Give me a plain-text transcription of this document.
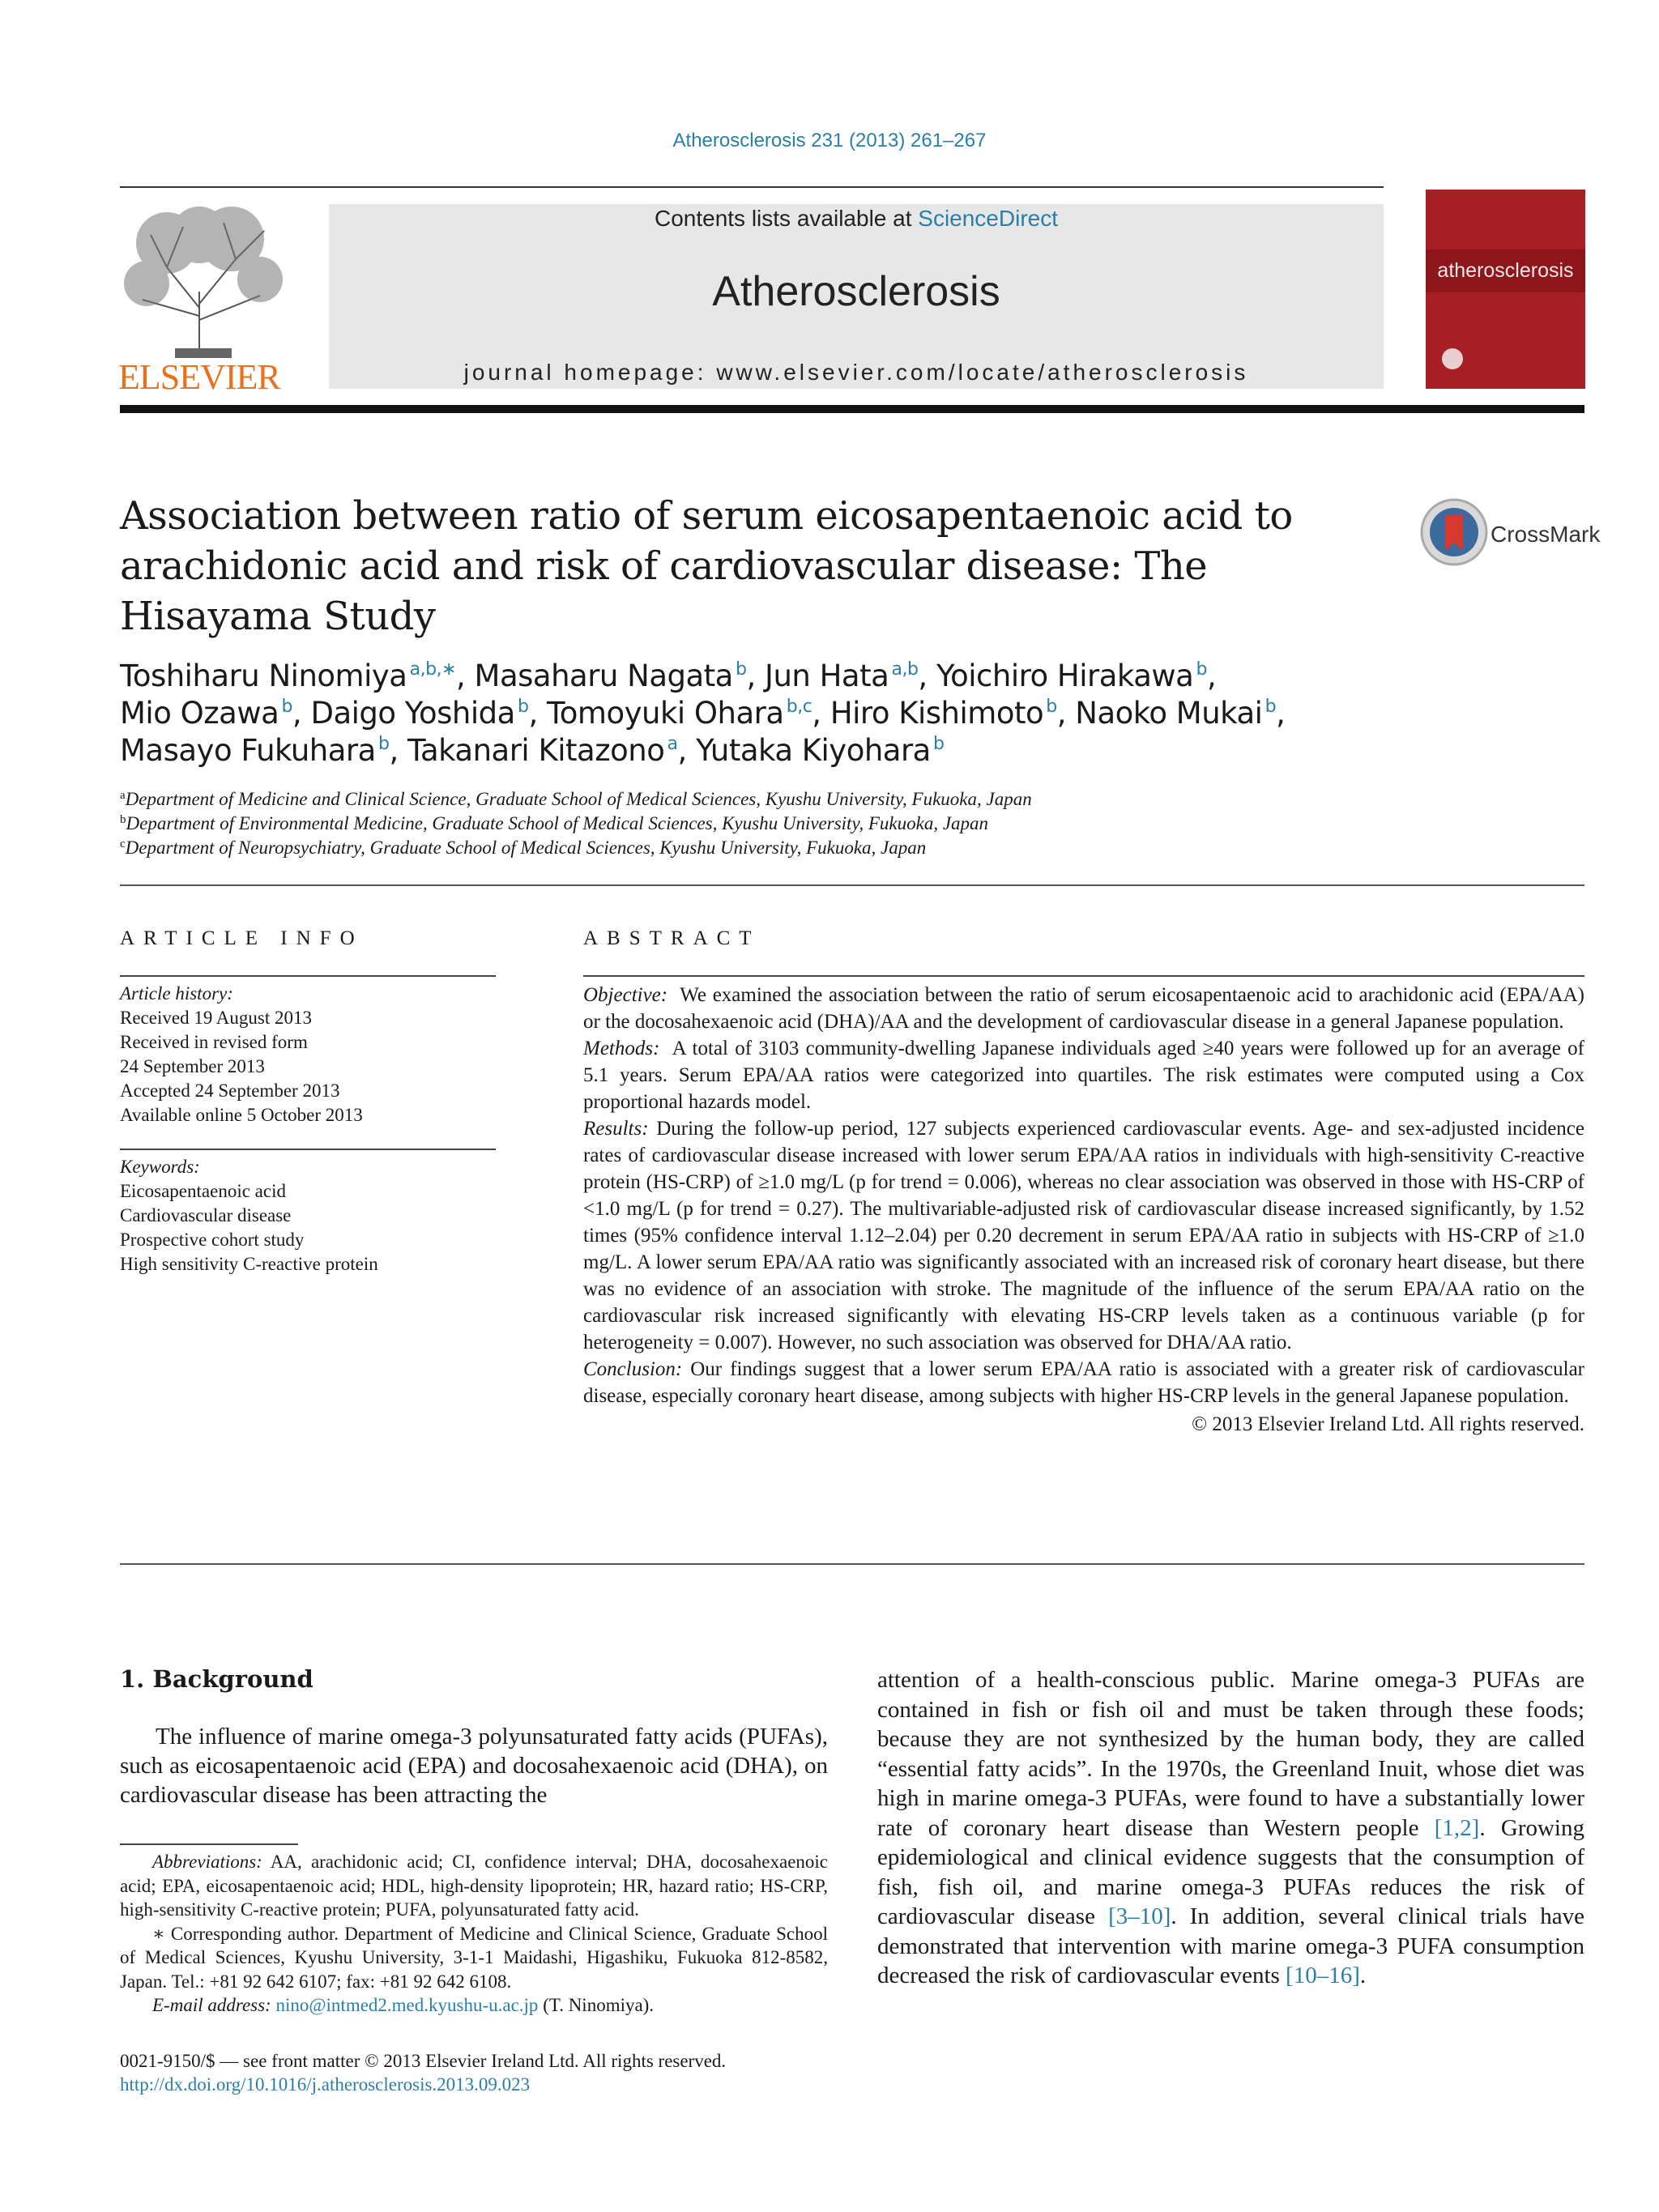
Atherosclerosis 231 (2013) 261–267
ELSEVIER
Contents lists available at ScienceDirect
Atherosclerosis
journal homepage: www.elsevier.com/locate/atherosclerosis
atherosclerosis
Association between ratio of serum eicosapentaenoic acid to arachidonic acid and risk of cardiovascular disease: The Hisayama Study
CrossMark
Toshiharu Ninomiya  $^{a,b,∗}$, Masaharu Nagata  $^b$, Jun Hata  $^{a,b}$, Yoichiro Hirakawa  $^b$,
Mio Ozawa  $^b$, Daigo Yoshida  $^b$, Tomoyuki Ohara  $^{b,c}$, Hiro Kishimoto  $^b$, Naoko Mukai  $^b$,
Masayo Fukuhara  $^b$, Takanari Kitazono  $^a$, Yutaka Kiyohara  $^b$
$^a$Department of Medicine and Clinical Science, Graduate School of Medical Sciences, Kyushu University, Fukuoka, Japan
$^b$Department of Environmental Medicine, Graduate School of Medical Sciences, Kyushu University, Fukuoka, Japan
$^c$Department of Neuropsychiatry, Graduate School of Medical Sciences, Kyushu University, Fukuoka, Japan
ARTICLE INFO
Article history:
Received 19 August 2013
Received in revised form
24 September 2013
Accepted 24 September 2013
Available online 5 October 2013
Keywords:
Eicosapentaenoic acid
Cardiovascular disease
Prospective cohort study
High sensitivity C-reactive protein
ABSTRACT

Objective: We examined the association between the ratio of serum eicosapentaenoic acid to arachidonic acid (EPA/AA) or the docosahexaenoic acid (DHA)/AA and the development of cardiovascular disease in a general Japanese population.

Methods: A total of 3103 community-dwelling Japanese individuals aged ≥40 years were followed up for an average of 5.1 years. Serum EPA/AA ratios were categorized into quartiles. The risk estimates were computed using a Cox proportional hazards model.

Results: During the follow-up period, 127 subjects experienced cardiovascular events. Age- and sex-adjusted incidence rates of cardiovascular disease increased with lower serum EPA/AA ratios in individuals with high-sensitivity C-reactive protein (HS-CRP) of ≥1.0 mg/L (p for trend = 0.006), whereas no clear association was observed in those with HS-CRP of <1.0 mg/L (p for trend = 0.27). The multivariable-adjusted risk of cardiovascular disease increased significantly, by 1.52 times (95% confidence interval 1.12–2.04) per 0.20 decrement in serum EPA/AA ratio in subjects with HS-CRP of ≥1.0 mg/L. A lower serum EPA/AA ratio was significantly associated with an increased risk of coronary heart disease, but there was no evidence of an association with stroke. The magnitude of the influence of the serum EPA/AA ratio on the cardiovascular risk increased significantly with elevating HS-CRP levels taken as a continuous variable (p for heterogeneity = 0.007). However, no such association was observed for DHA/AA ratio.

Conclusion: Our findings suggest that a lower serum EPA/AA ratio is associated with a greater risk of cardiovascular disease, especially coronary heart disease, among subjects with higher HS-CRP levels in the general Japanese population.

© 2013 Elsevier Ireland Ltd. All rights reserved.

1. Background

The influence of marine omega-3 polyunsaturated fatty acids (PUFAs), such as eicosapentaenoic acid (EPA) and docosahexaenoic acid (DHA), on cardiovascular disease has been attracting the

Abbreviations: AA, arachidonic acid; CI, confidence interval; DHA, docosahexaenoic acid; EPA, eicosapentaenoic acid; HDL, high-density lipoprotein; HR, hazard ratio; HS-CRP, high-sensitivity C-reactive protein; PUFA, polyunsaturated fatty acid.

∗ Corresponding author. Department of Medicine and Clinical Science, Graduate School of Medical Sciences, Kyushu University, 3-1-1 Maidashi, Higashiku, Fukuoka 812-8582, Japan. Tel.: +81 92 642 6107; fax: +81 92 642 6108.

E-mail address: nino@intmed2.med.kyushu-u.ac.jp (T. Ninomiya).

0021-9150/$ — see front matter © 2013 Elsevier Ireland Ltd. All rights reserved.
http://dx.doi.org/10.1016/j.atherosclerosis.2013.09.023

attention of a health-conscious public. Marine omega-3 PUFAs are contained in fish or fish oil and must be taken through these foods; because they are not synthesized by the human body, they are called “essential fatty acids”. In the 1970s, the Greenland Inuit, whose diet was high in marine omega-3 PUFAs, were found to have a substantially lower rate of coronary heart disease than Western people [1,2]. Growing epidemiological and clinical evidence suggests that the consumption of fish, fish oil, and marine omega-3 PUFAs reduces the risk of cardiovascular disease [3–10]. In addition, several clinical trials have demonstrated that intervention with marine omega-3 PUFA consumption decreased the risk of cardiovascular events [10–16].
